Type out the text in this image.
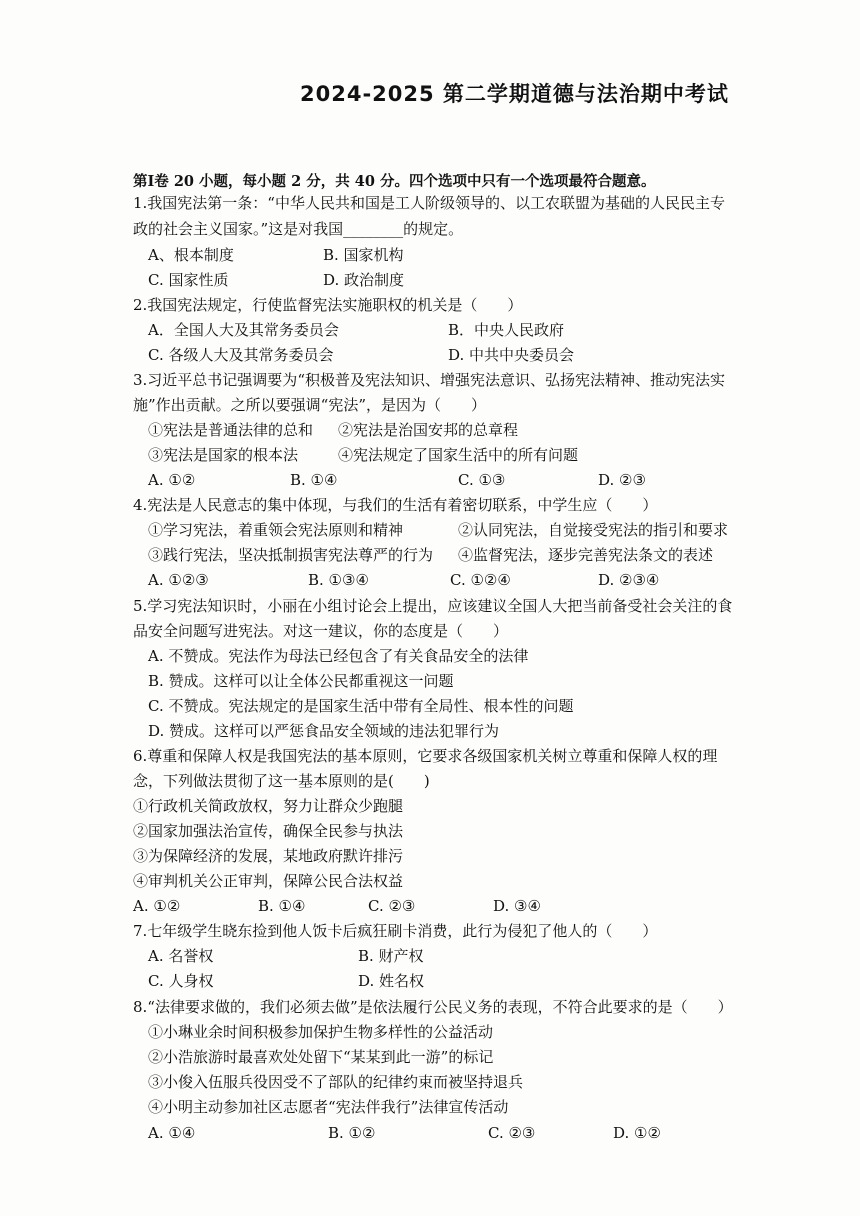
2024-2025 第二学期道德与法治期中考试
第Ⅰ卷 20 小题，每小题 2 分，共 40 分。四个选项中只有一个选项最符合题意。
1.我国宪法第一条：“中华人民共和国是工人阶级领导的、以工农联盟为基础的人民民主专
政的社会主义国家。”这是对我国________的规定。
A、根本制度	B. 国家机构
C. 国家性质	D. 政治制度
2.我国宪法规定，行使监督宪法实施职权的机关是（　　）
A．全国人大及其常务委员会	B．中央人民政府
C. 各级人大及其常务委员会	D. 中共中央委员会
3.习近平总书记强调要为“积极普及宪法知识、增强宪法意识、弘扬宪法精神、推动宪法实
施”作出贡献。之所以要强调“宪法”，是因为（　　）
①宪法是普通法律的总和 ②宪法是治国安邦的总章程
③宪法是国家的根本法	④宪法规定了国家生活中的所有问题
A. ①②	B. ①④	C. ①③	D. ②③
4.宪法是人民意志的集中体现，与我们的生活有着密切联系，中学生应（　　）
①学习宪法，着重领会宪法原则和精神	②认同宪法，自觉接受宪法的指引和要求
③践行宪法，坚决抵制损害宪法尊严的行为 ④监督宪法，逐步完善宪法条文的表述
A. ①②③	B. ①③④	C. ①②④	D. ②③④
5.学习宪法知识时，小丽在小组讨论会上提出，应该建议全国人大把当前备受社会关注的食
品安全问题写进宪法。对这一建议，你的态度是（　　）
A. 不赞成。宪法作为母法已经包含了有关食品安全的法律
B. 赞成。这样可以让全体公民都重视这一问题
C. 不赞成。宪法规定的是国家生活中带有全局性、根本性的问题
D. 赞成。这样可以严惩食品安全领域的违法犯罪行为
6.尊重和保障人权是我国宪法的基本原则，它要求各级国家机关树立尊重和保障人权的理
念，下列做法贯彻了这一基本原则的是(　　)
①行政机关简政放权，努力让群众少跑腿
②国家加强法治宣传，确保全民参与执法
③为保障经济的发展，某地政府默许排污
④审判机关公正审判，保障公民合法权益
A. ①②	B. ①④	C. ②③	D. ③④
7.七年级学生晓东捡到他人饭卡后疯狂刷卡消费，此行为侵犯了他人的（　　）
A. 名誉权	B. 财产权
C. 人身权	D. 姓名权
8.“法律要求做的，我们必须去做”是依法履行公民义务的表现，不符合此要求的是（　　）
①小琳业余时间积极参加保护生物多样性的公益活动
②小浩旅游时最喜欢处处留下“某某到此一游”的标记
③小俊入伍服兵役因受不了部队的纪律约束而被坚持退兵
④小明主动参加社区志愿者“宪法伴我行”法律宣传活动
A. ①④	B. ①②	C. ②③	D. ①②
